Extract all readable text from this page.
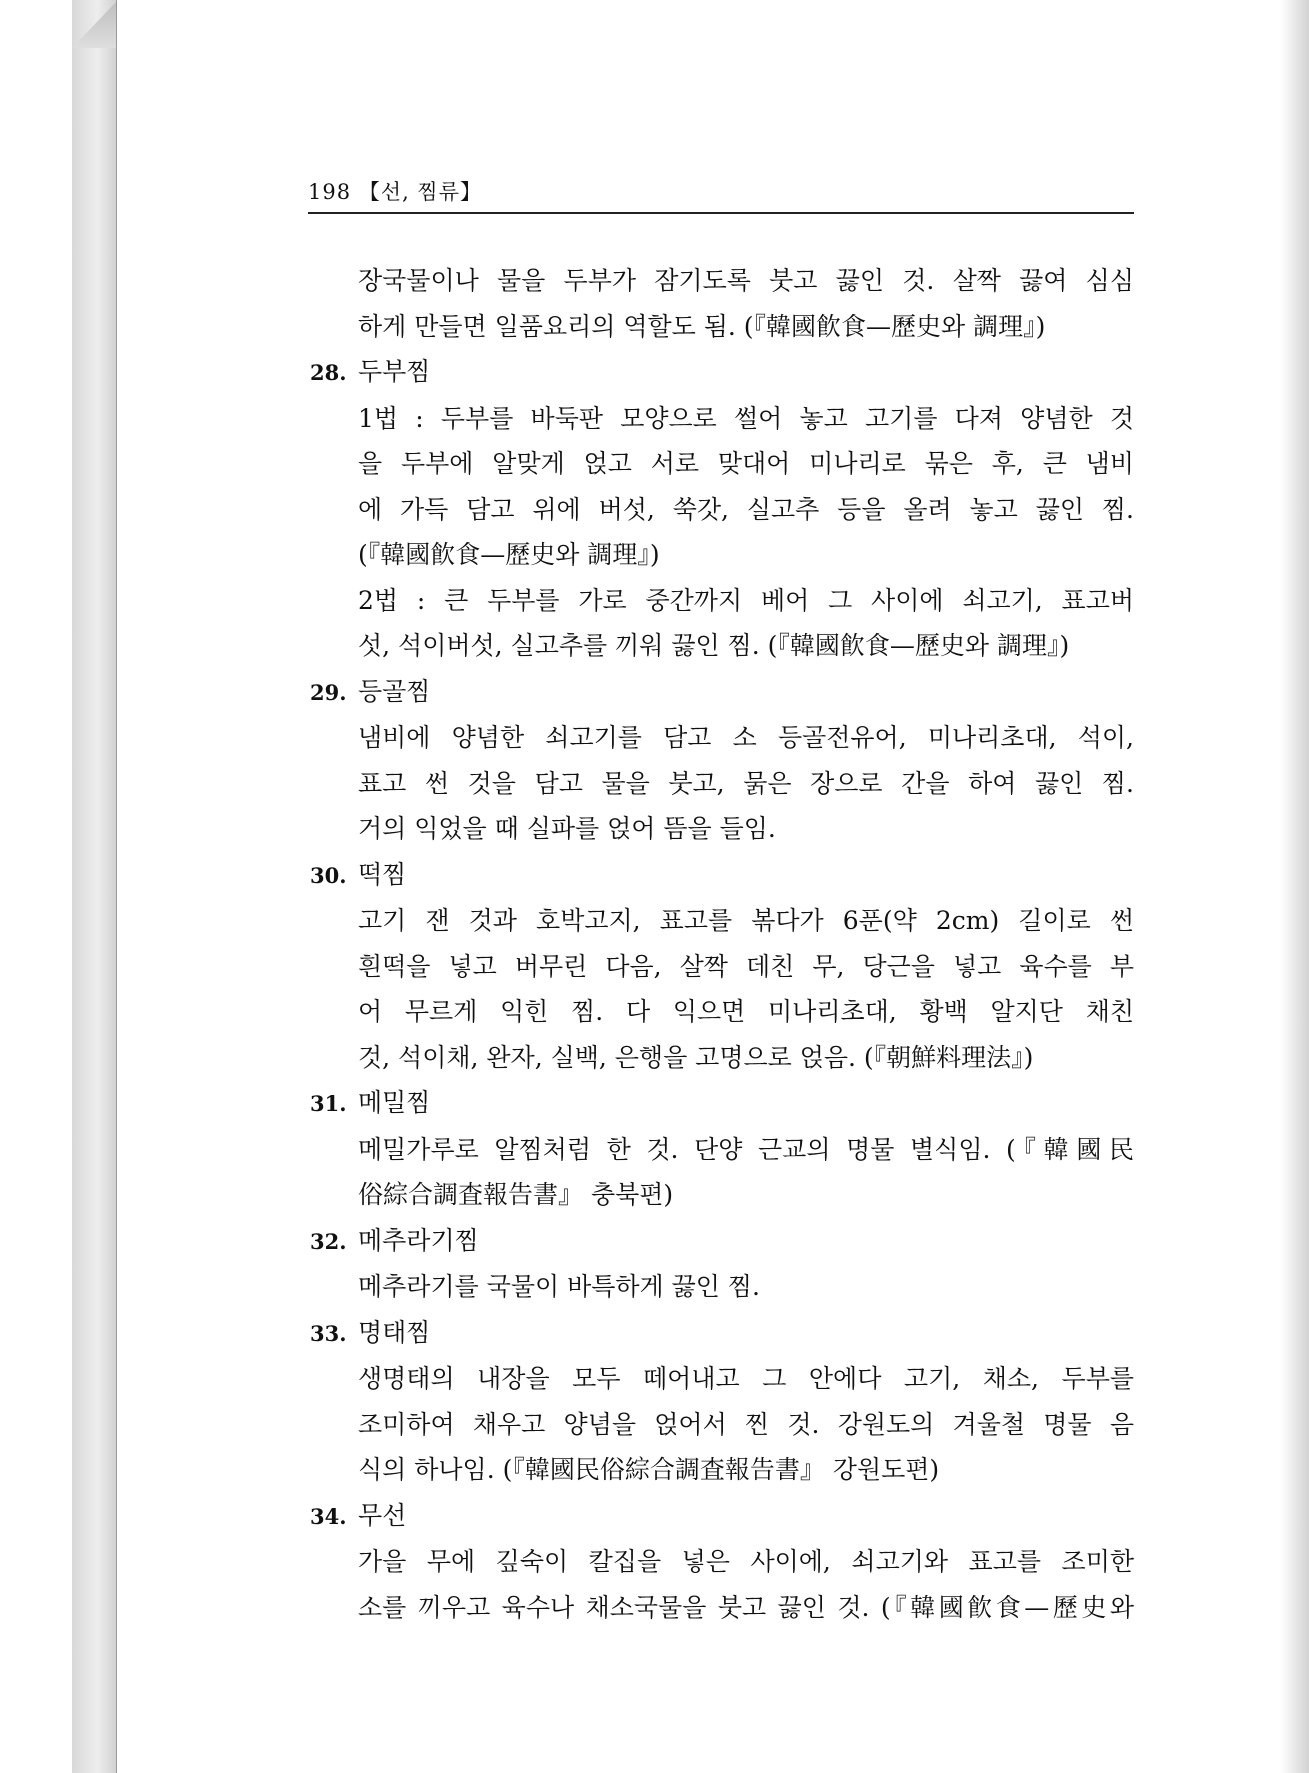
198 【선, 찜류】
장국물이나 물을 두부가 잠기도록 붓고 끓인 것. 살짝 끓여 심심
하게 만들면 일품요리의 역할도 됨. (『韓國飮食—歷史와 調理』)
28. 두부찜
1법 : 두부를 바둑판 모양으로 썰어 놓고 고기를 다져 양념한 것
을 두부에 알맞게 얹고 서로 맞대어 미나리로 묶은 후, 큰 냄비
에 가득 담고 위에 버섯, 쑥갓, 실고추 등을 올려 놓고 끓인 찜.
(『韓國飮食—歷史와 調理』)
2법 : 큰 두부를 가로 중간까지 베어 그 사이에 쇠고기, 표고버
섯, 석이버섯, 실고추를 끼워 끓인 찜. (『韓國飮食—歷史와 調理』)
29. 등골찜
냄비에 양념한 쇠고기를 담고 소 등골전유어, 미나리초대, 석이,
표고 썬 것을 담고 물을 붓고, 묽은 장으로 간을 하여 끓인 찜.
거의 익었을 때 실파를 얹어 뜸을 들임.
30. 떡찜
고기 잰 것과 호박고지, 표고를 볶다가 6푼(약 2cm) 길이로 썬
흰떡을 넣고 버무린 다음, 살짝 데친 무, 당근을 넣고 육수를 부
어 무르게 익힌 찜. 다 익으면 미나리초대, 황백 알지단 채친
것, 석이채, 완자, 실백, 은행을 고명으로 얹음. (『朝鮮料理法』)
31. 메밀찜
메밀가루로 알찜처럼 한 것. 단양 근교의 명물 별식임. (『韓國民
俗綜合調査報告書』 충북편)
32. 메추라기찜
메추라기를 국물이 바특하게 끓인 찜.
33. 명태찜
생명태의 내장을 모두 떼어내고 그 안에다 고기, 채소, 두부를
조미하여 채우고 양념을 얹어서 찐 것. 강원도의 겨울철 명물 음
식의 하나임. (『韓國民俗綜合調査報告書』 강원도편)
34. 무선
가을 무에 깊숙이 칼집을 넣은 사이에, 쇠고기와 표고를 조미한
소를 끼우고 육수나 채소국물을 붓고 끓인 것. (『韓國飮食—歷史와
